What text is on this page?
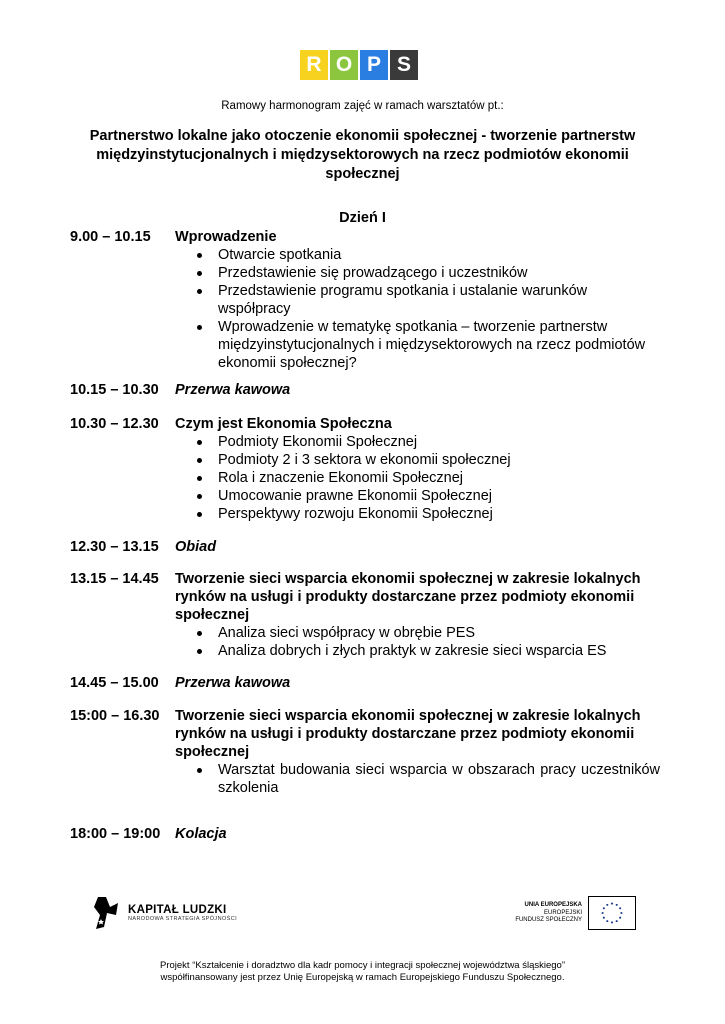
R O P S
Ramowy harmonogram zajęć w ramach warsztatów pt.:
Partnerstwo lokalne jako otoczenie ekonomii społecznej - tworzenie partnerstw
międzyinstytucjonalnych i międzysektorowych na rzecz podmiotów ekonomii
społecznej
Dzień I
9.00 – 10.15	Wprowadzenie
Otwarcie spotkania
Przedstawienie się prowadzącego i uczestników
Przedstawienie programu spotkania i ustalanie warunków współpracy
Wprowadzenie w tematykę spotkania – tworzenie partnerstw międzyinstytucjonalnych i międzysektorowych na rzecz podmiotów ekonomii społecznej?
10.15 – 10.30	Przerwa kawowa
10.30 – 12.30	Czym jest Ekonomia Społeczna
Podmioty Ekonomii Społecznej
Podmioty 2 i 3 sektora w ekonomii społecznej
Rola i znaczenie Ekonomii Społecznej
Umocowanie prawne Ekonomii Społecznej
Perspektywy rozwoju Ekonomii Społecznej
12.30 – 13.15	Obiad
13.15 – 14.45	Tworzenie sieci wsparcia ekonomii społecznej w zakresie lokalnych rynków na usługi i produkty dostarczane przez podmioty ekonomii społecznej
Analiza sieci współpracy w obrębie PES
Analiza dobrych i złych praktyk w zakresie sieci wsparcia ES
14.45 – 15.00	Przerwa kawowa
15:00 – 16.30	Tworzenie sieci wsparcia ekonomii społecznej w zakresie lokalnych rynków na usługi i produkty dostarczane przez podmioty ekonomii społecznej
Warsztat budowania sieci wsparcia w obszarach pracy uczestników szkolenia
18:00 – 19:00	Kolacja
KAPITAŁ LUDZKI
NARODOWA STRATEGIA SPÓJNOŚCI
UNIA EUROPEJSKA
EUROPEJSKI
FUNDUSZ SPOŁECZNY
Projekt “Kształcenie i doradztwo dla kadr pomocy i integracji społecznej województwa śląskiego”
współfinansowany jest przez Unię Europejską w ramach Europejskiego Funduszu Społecznego.
